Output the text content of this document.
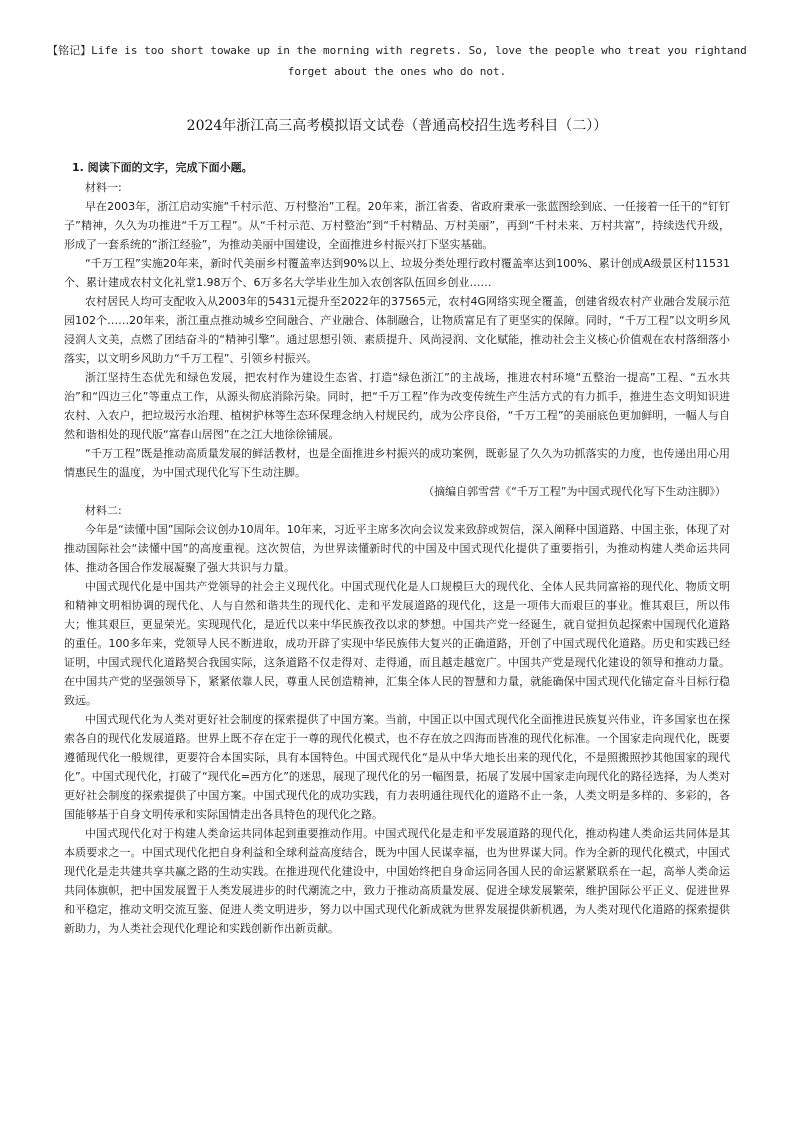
【铭记】Life is too short towake up in the morning with regrets. So, love the people who treat you rightand
forget about the ones who do not.
2024年浙江高三高考模拟语文试卷（普通高校招生选考科目（二））

1. 阅读下面的文字，完成下面小题。

材料一:

早在2003年，浙江启动实施“千村示范、万村整治”工程。20年来，浙江省委、省政府秉承一张蓝图绘到底、一任接着一任干的“钉钉子”精神，久久为功推进“千万工程”。从“千村示范、万村整治”到“千村精品、万村美丽”，再到“千村未来、万村共富”，持续迭代升级，形成了一套系统的“浙江经验”，为推动美丽中国建设，全面推进乡村振兴打下坚实基础。

“千万工程”实施20年来，新时代美丽乡村覆盖率达到90%以上、垃圾分类处理行政村覆盖率达到100%、累计创成A级景区村11531个、累计建成农村文化礼堂1.98万个、6万多名大学毕业生加入农创客队伍回乡创业……

农村居民人均可支配收入从2003年的5431元提升至2022年的37565元，农村4G网络实现全覆盖，创建省级农村产业融合发展示范园102个……20年来，浙江重点推动城乡空间融合、产业融合、体制融合，让物质富足有了更坚实的保障。同时，“千万工程”以文明乡风浸润人文美，点燃了团结奋斗的“精神引擎”。通过思想引领、素质提升、风尚浸润、文化赋能，推动社会主义核心价值观在农村落细落小落实，以文明乡风助力“千万工程”、引领乡村振兴。

浙江坚持生态优先和绿色发展，把农村作为建设生态省、打造“绿色浙江”的主战场，推进农村环境“五整治一提高”工程、“五水共治”和“四边三化”等重点工作，从源头彻底消除污染。同时，把“千万工程”作为改变传统生产生活方式的有力抓手，推进生态文明知识进农村、入农户，把垃圾污水治理、植树护林等生态环保理念纳入村规民约，成为公序良俗，“千万工程”的美丽底色更加鲜明，一幅人与自然和谐相处的现代版“富春山居图”在之江大地徐徐铺展。

“千万工程”既是推动高质量发展的鲜活教材，也是全面推进乡村振兴的成功案例，既彰显了久久为功抓落实的力度，也传递出用心用情惠民生的温度，为中国式现代化写下生动注脚。

（摘编自郭雪营《“千万工程”为中国式现代化写下生动注脚》）

材料二:

今年是“读懂中国”国际会议创办10周年。10年来，习近平主席多次向会议发来致辞或贺信，深入阐释中国道路、中国主张，体现了对推动国际社会“读懂中国”的高度重视。这次贺信，为世界读懂新时代的中国及中国式现代化提供了重要指引，为推动构建人类命运共同体、推动各国合作发展凝聚了强大共识与力量。

中国式现代化是中国共产党领导的社会主义现代化。中国式现代化是人口规模巨大的现代化、全体人民共同富裕的现代化、物质文明和精神文明相协调的现代化、人与自然和谐共生的现代化、走和平发展道路的现代化，这是一项伟大而艰巨的事业。惟其艰巨，所以伟大；惟其艰巨，更显荣光。实现现代化，是近代以来中华民族孜孜以求的梦想。中国共产党一经诞生，就自觉担负起探索中国现代化道路的重任。100多年来，党领导人民不断进取，成功开辟了实现中华民族伟大复兴的正确道路，开创了中国式现代化道路。历史和实践已经证明，中国式现代化道路契合我国实际，这条道路不仅走得对、走得通，而且越走越宽广。中国共产党是现代化建设的领导和推动力量。在中国共产党的坚强领导下，紧紧依靠人民，尊重人民创造精神，汇集全体人民的智慧和力量，就能确保中国式现代化锚定奋斗目标行稳致远。

中国式现代化为人类对更好社会制度的探索提供了中国方案。当前，中国正以中国式现代化全面推进民族复兴伟业，许多国家也在探索各自的现代化发展道路。世界上既不存在定于一尊的现代化模式，也不存在放之四海而皆准的现代化标准。一个国家走向现代化，既要遵循现代化一般规律，更要符合本国实际，具有本国特色。中国式现代化“是从中华大地长出来的现代化，不是照搬照抄其他国家的现代化”。中国式现代化，打破了“现代化=西方化”的迷思，展现了现代化的另一幅图景，拓展了发展中国家走向现代化的路径选择，为人类对更好社会制度的探索提供了中国方案。中国式现代化的成功实践，有力表明通往现代化的道路不止一条，人类文明是多样的、多彩的，各国能够基于自身文明传承和实际国情走出各具特色的现代化之路。

中国式现代化对于构建人类命运共同体起到重要推动作用。中国式现代化是走和平发展道路的现代化，推动构建人类命运共同体是其本质要求之一。中国式现代化把自身利益和全球利益高度结合，既为中国人民谋幸福，也为世界谋大同。作为全新的现代化模式，中国式现代化是走共建共享共赢之路的生动实践。在推进现代化建设中，中国始终把自身命运同各国人民的命运紧紧联系在一起，高举人类命运共同体旗帜，把中国发展置于人类发展进步的时代潮流之中，致力于推动高质量发展、促进全球发展繁荣，维护国际公平正义、促进世界和平稳定，推动文明交流互鉴、促进人类文明进步，努力以中国式现代化新成就为世界发展提供新机遇，为人类对现代化道路的探索提供新助力，为人类社会现代化理论和实践创新作出新贡献。
